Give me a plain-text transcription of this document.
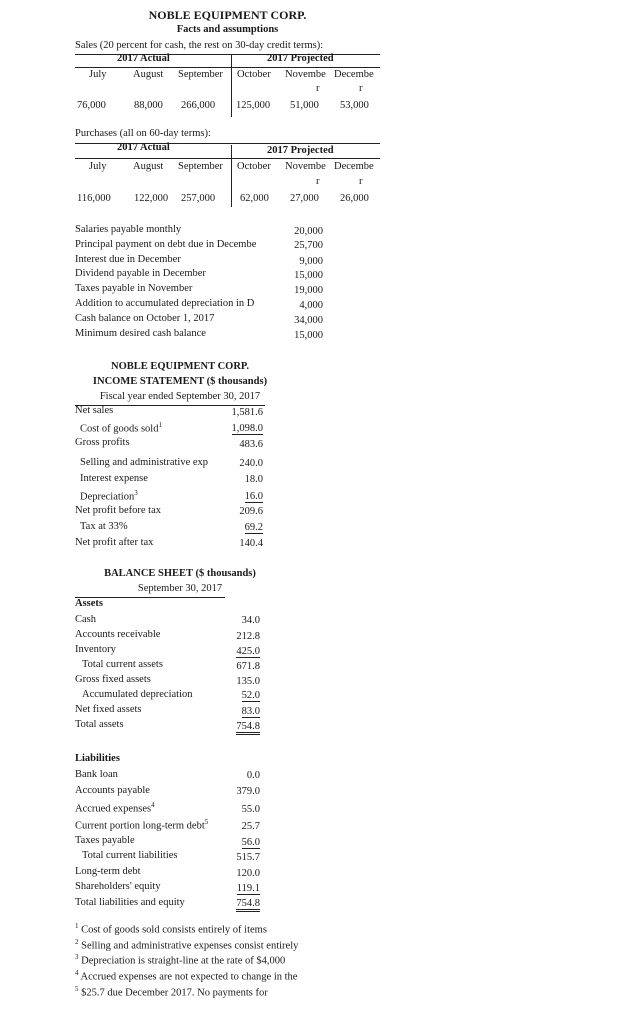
NOBLE EQUIPMENT CORP.
Facts and assumptions
Sales (20 percent for cash, the rest on 30-day credit terms):
2017 Actual	2017 Projected
July	August September October Novembe Decembe
r	r
76,000	88,000 266,000 125,000 51,000 53,000
Purchases (all on 60-day terms):
2017 Actual	2017 Projected
July	August September October Novembe Decembe
r	r
116,000 122,000 257,000 62,000 27,000 26,000
Salaries payable monthly	20,000
Principal payment on debt due in Decembe	25,700
Interest due in December	9,000
Dividend payable in December	15,000
Taxes payable in November	19,000
Addition to accumulated depreciation in D	4,000
Cash balance on October 1, 2017	34,000
Minimum desired cash balance	15,000
NOBLE EQUIPMENT CORP.
INCOME STATEMENT ($ thousands)
Fiscal year ended September 30, 2017
Net sales	1,581.6
Cost of goods sold$^1$	1,098.0
Gross profits	483.6
Selling and administrative exp	240.0
Interest expense	18.0
Depreciation$^3$	16.0
Net profit before tax	209.6
Tax at 33%	69.2
Net profit after tax	140.4
BALANCE SHEET ($ thousands)
September 30, 2017
Assets
Cash	34.0
Accounts receivable	212.8
Inventory	425.0
Total current assets	671.8
Gross fixed assets	135.0
Accumulated depreciation	52.0
Net fixed assets	83.0
Total assets	754.8
Liabilities
Bank loan	0.0
Accounts payable	379.0
Accrued expenses$^4$	55.0
Current portion long-term debt$^5$	25.7
Taxes payable	56.0
Total current liabilities	515.7
Long-term debt	120.0
Shareholders' equity	119.1
Total liabilities and equity	754.8
$^1$ Cost of goods sold consists entirely of items
$^2$ Selling and administrative expenses consist entirely
$^3$ Depreciation is straight-line at the rate of $4,000
$^4$ Accrued expenses are not expected to change in the
$^5$ $25.7 due December 2017. No payments for
